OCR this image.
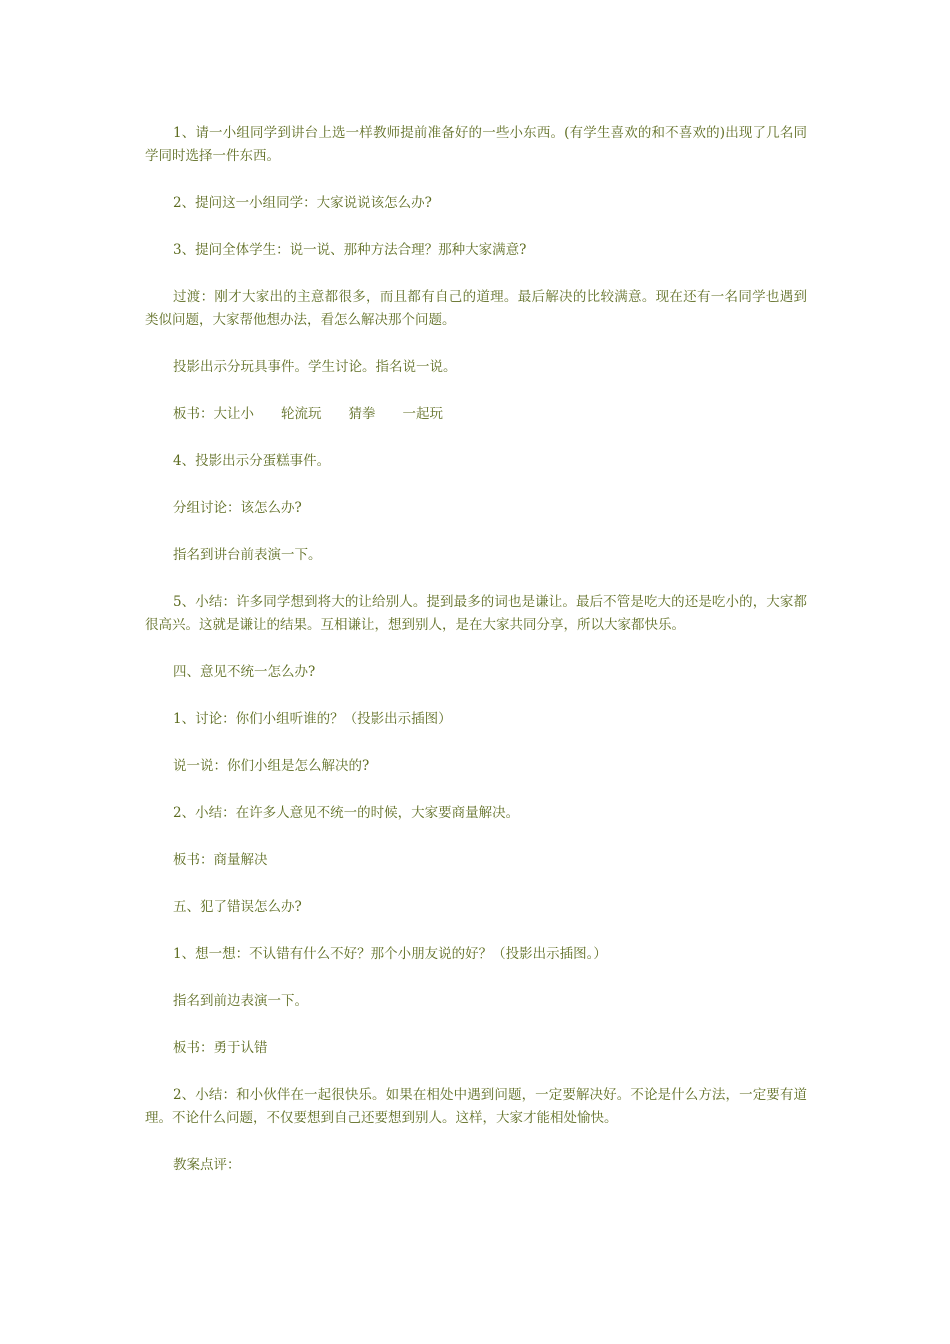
1、请一小组同学到讲台上选一样教师提前准备好的一些小东西。(有学生喜欢的和不喜欢的)出现了几名同学同时选择一件东西。

2、提问这一小组同学：大家说说该怎么办?

3、提问全体学生：说一说、那种方法合理？那种大家满意?

过渡：刚才大家出的主意都很多，而且都有自己的道理。最后解决的比较满意。现在还有一名同学也遇到类似问题，大家帮他想办法，看怎么解决那个问题。

投影出示分玩具事件。学生讨论。指名说一说。

板书：大让小　　轮流玩　　猜拳　　一起玩

4、投影出示分蛋糕事件。

分组讨论：该怎么办?

指名到讲台前表演一下。

5、小结：许多同学想到将大的让给别人。提到最多的词也是谦让。最后不管是吃大的还是吃小的，大家都很高兴。这就是谦让的结果。互相谦让，想到别人，是在大家共同分享，所以大家都快乐。

四、意见不统一怎么办?

1、讨论：你们小组听谁的？（投影出示插图）

说一说：你们小组是怎么解决的?

2、小结：在许多人意见不统一的时候，大家要商量解决。

板书：商量解决

五、犯了错误怎么办?

1、想一想：不认错有什么不好？那个小朋友说的好？（投影出示插图。）

指名到前边表演一下。

板书：勇于认错

2、小结：和小伙伴在一起很快乐。如果在相处中遇到问题，一定要解决好。不论是什么方法，一定要有道理。不论什么问题，不仅要想到自己还要想到别人。这样，大家才能相处愉快。

教案点评：
